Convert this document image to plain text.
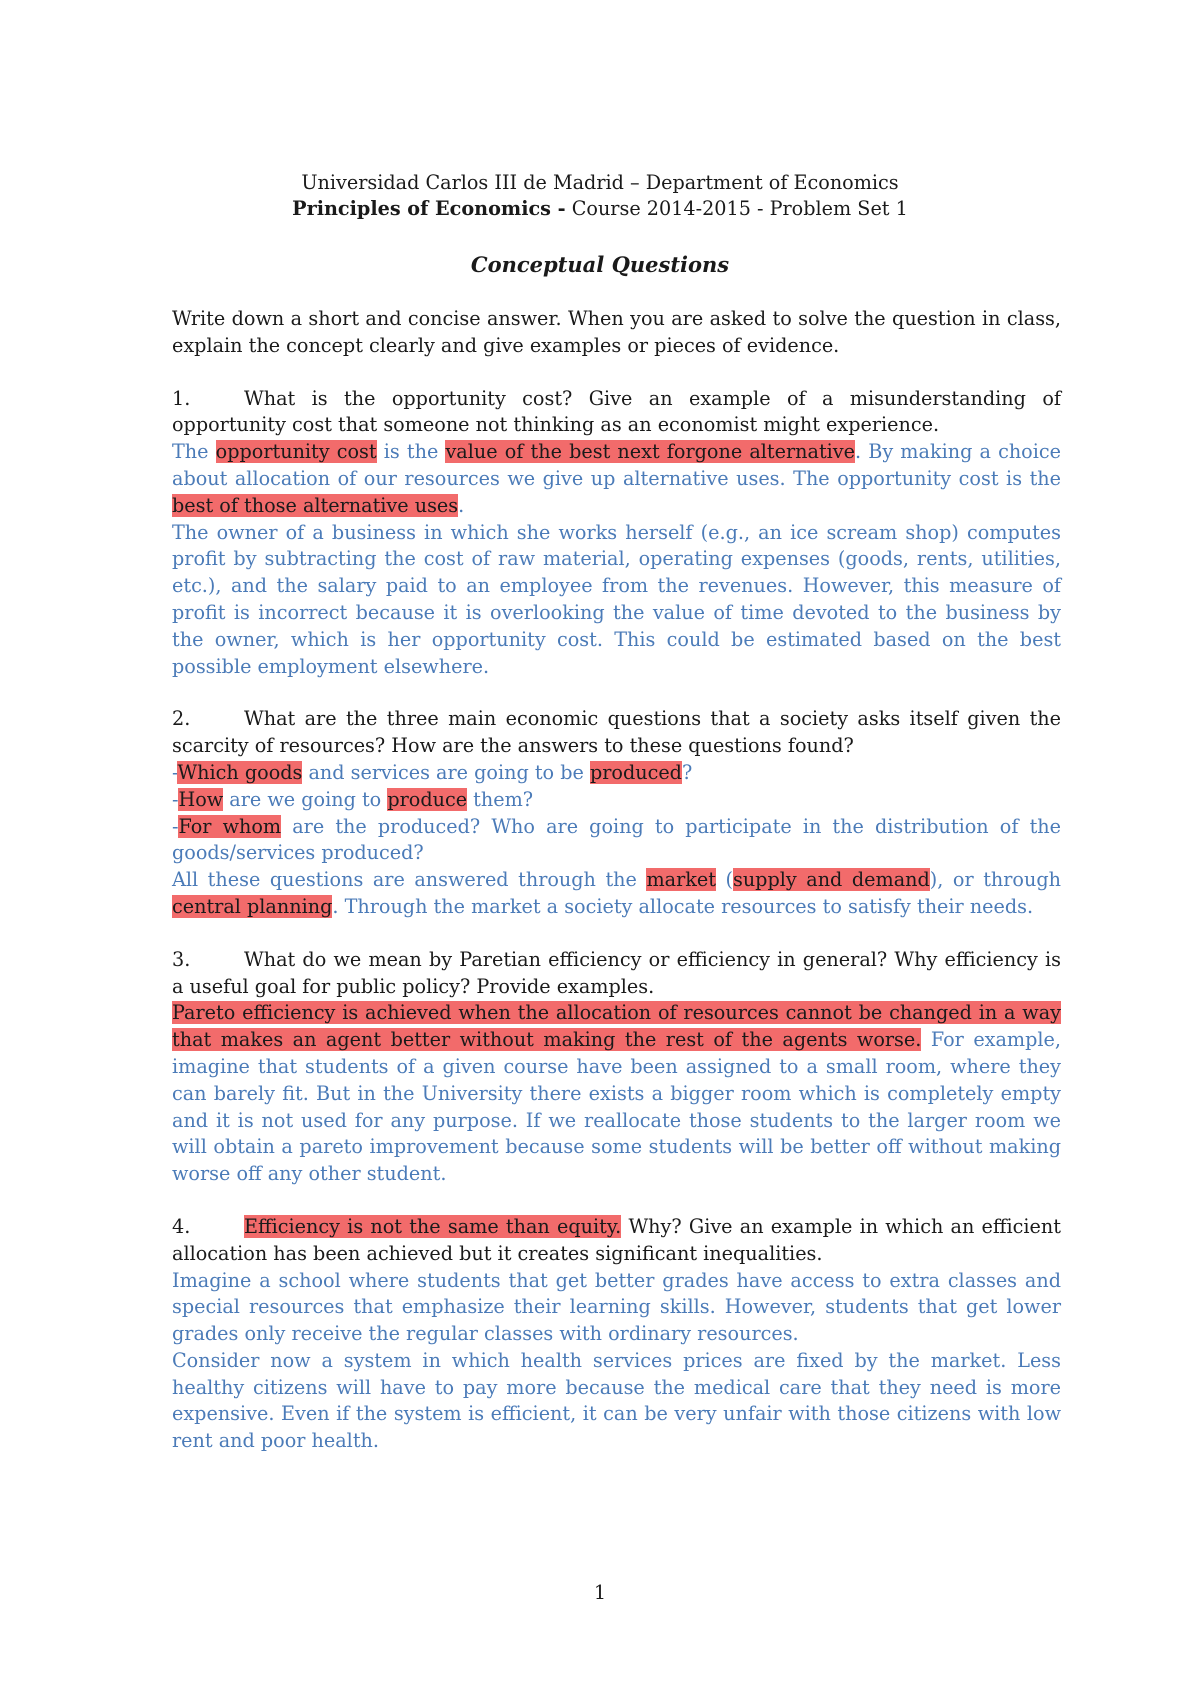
Universidad Carlos III de Madrid – Department of Economics
Principles of Economics - Course 2014-2015 - Problem Set 1
Conceptual Questions

Write down a short and concise answer. When you are asked to solve the question in class, explain the concept clearly and give examples or pieces of evidence.

1.	What is the opportunity cost? Give an example of a misunderstanding of opportunity cost that someone not thinking as an economist might experience.

The opportunity cost is the value of the best next forgone alternative. By making a choice about allocation of our resources we give up alternative uses. The opportunity cost is the best of those alternative uses.

The owner of a business in which she works herself (e.g., an ice scream shop) computes profit by subtracting the cost of raw material, operating expenses (goods, rents, utilities, etc.), and the salary paid to an employee from the revenues. However, this measure of profit is incorrect because it is overlooking the value of time devoted to the business by the owner, which is her opportunity cost. This could be estimated based on the best possible employment elsewhere.

2.	What are the three main economic questions that a society asks itself given the scarcity of resources? How are the answers to these questions found?

-Which goods and services are going to be produced?

-How are we going to produce them?

-For whom are the produced? Who are going to participate in the distribution of the goods/services produced?

All these questions are answered through the market (supply and demand), or through central planning. Through the market a society allocate resources to satisfy their needs.

3.	What do we mean by Paretian efficiency or efficiency in general? Why efficiency is a useful goal for public policy? Provide examples.

Pareto efficiency is achieved when the allocation of resources cannot be changed in a way that makes an agent better without making the rest of the agents worse. For example, imagine that students of a given course have been assigned to a small room, where they can barely fit. But in the University there exists a bigger room which is completely empty and it is not used for any purpose. If we reallocate those students to the larger room we will obtain a pareto improvement because some students will be better off without making worse off any other student.

4.	Efficiency is not the same than equity. Why? Give an example in which an efficient allocation has been achieved but it creates significant inequalities.

Imagine a school where students that get better grades have access to extra classes and special resources that emphasize their learning skills. However, students that get lower grades only receive the regular classes with ordinary resources.

Consider now a system in which health services prices are fixed by the market. Less healthy citizens will have to pay more because the medical care that they need is more expensive. Even if the system is efficient, it can be very unfair with those citizens with low rent and poor health.

1
